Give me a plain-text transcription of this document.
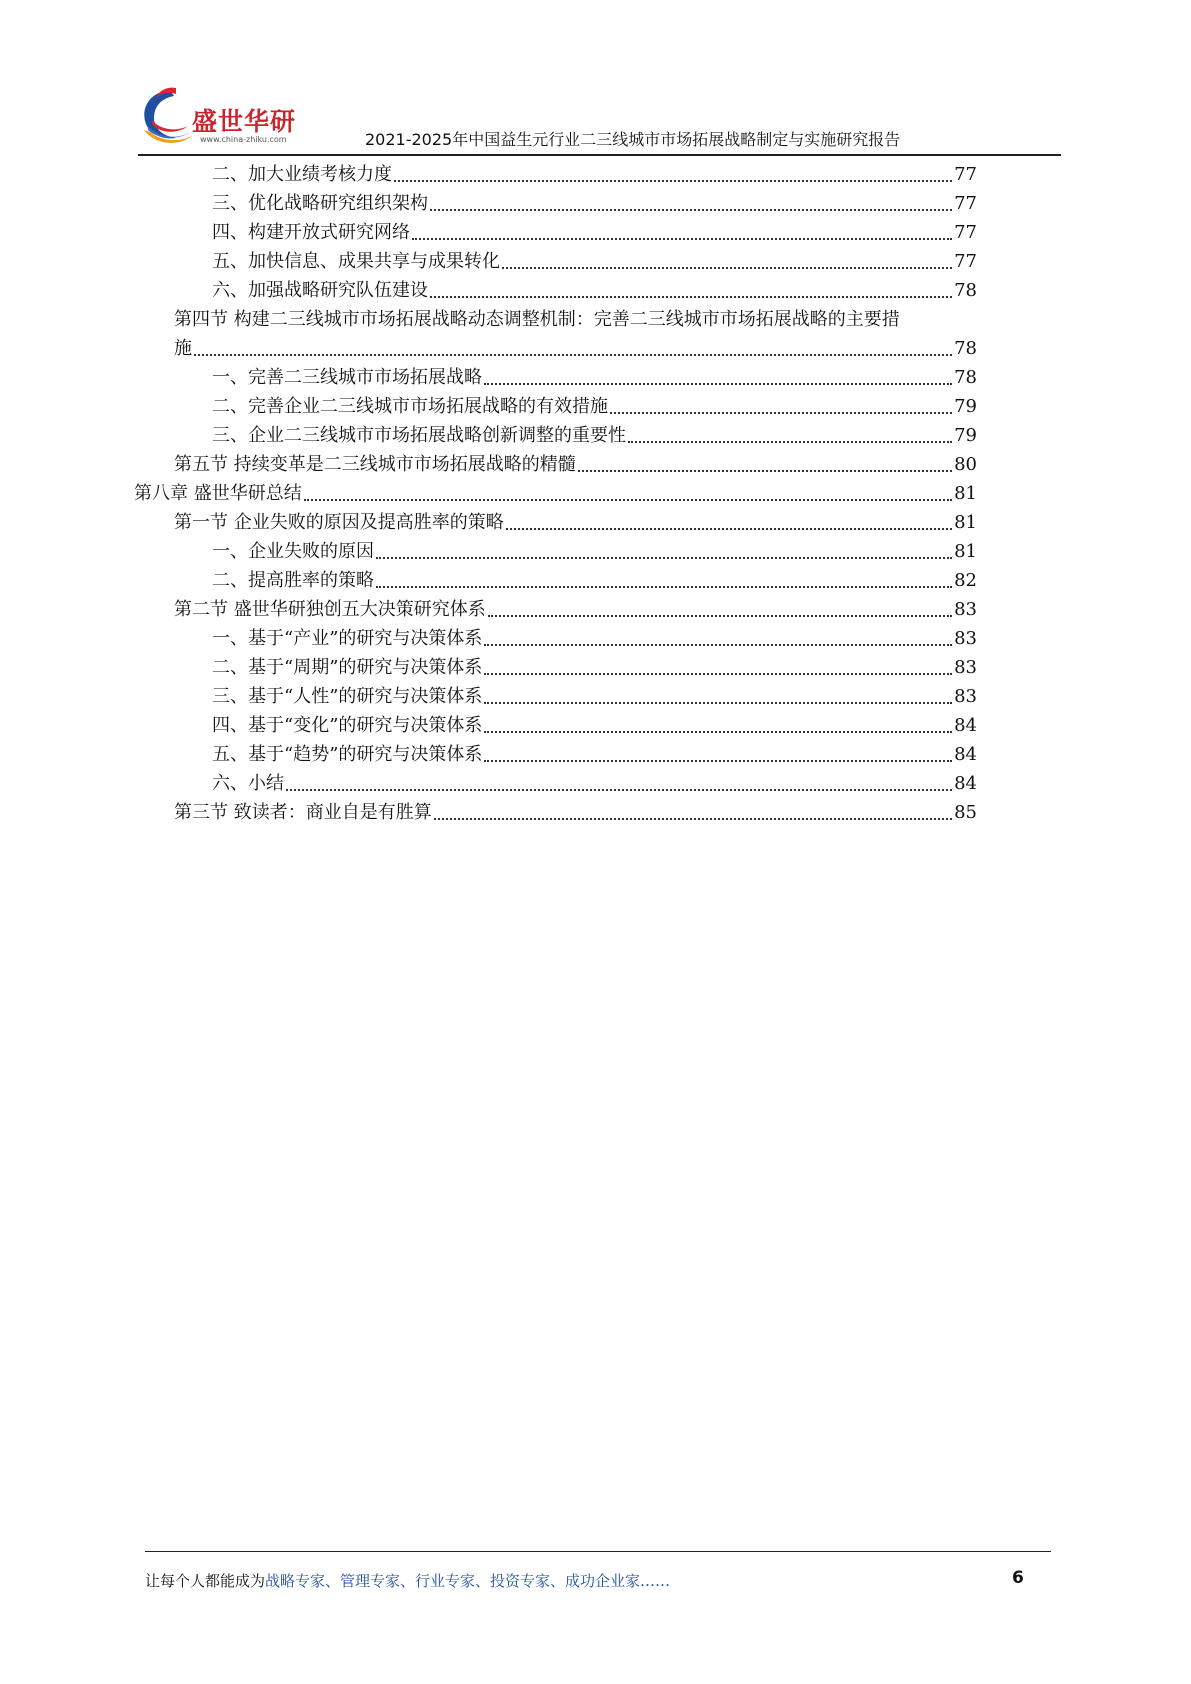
盛世华研
www.china-zhiku.com	2021-2025年中国益生元行业二三线城市市场拓展战略制定与实施研究报告
二、加大业绩考核力度	77
三、优化战略研究组织架构	77
四、构建开放式研究网络	77
五、加快信息、成果共享与成果转化	77
六、加强战略研究队伍建设	78
第四节 构建二三线城市市场拓展战略动态调整机制：完善二三线城市市场拓展战略的主要措
施	78
一、完善二三线城市市场拓展战略	78
二、完善企业二三线城市市场拓展战略的有效措施	79
三、企业二三线城市市场拓展战略创新调整的重要性	79
第五节 持续变革是二三线城市市场拓展战略的精髓	80
第八章 盛世华研总结	81
第一节 企业失败的原因及提高胜率的策略	81
一、企业失败的原因	81
二、提高胜率的策略	82
第二节 盛世华研独创五大决策研究体系	83
一、基于“产业”的研究与决策体系	83
二、基于“周期”的研究与决策体系	83
三、基于“人性”的研究与决策体系	83
四、基于“变化”的研究与决策体系	84
五、基于“趋势”的研究与决策体系	84
六、小结	84
第三节 致读者：商业自是有胜算	85
让每个人都能成为战略专家、管理专家、行业专家、投资专家、成功企业家……	6
